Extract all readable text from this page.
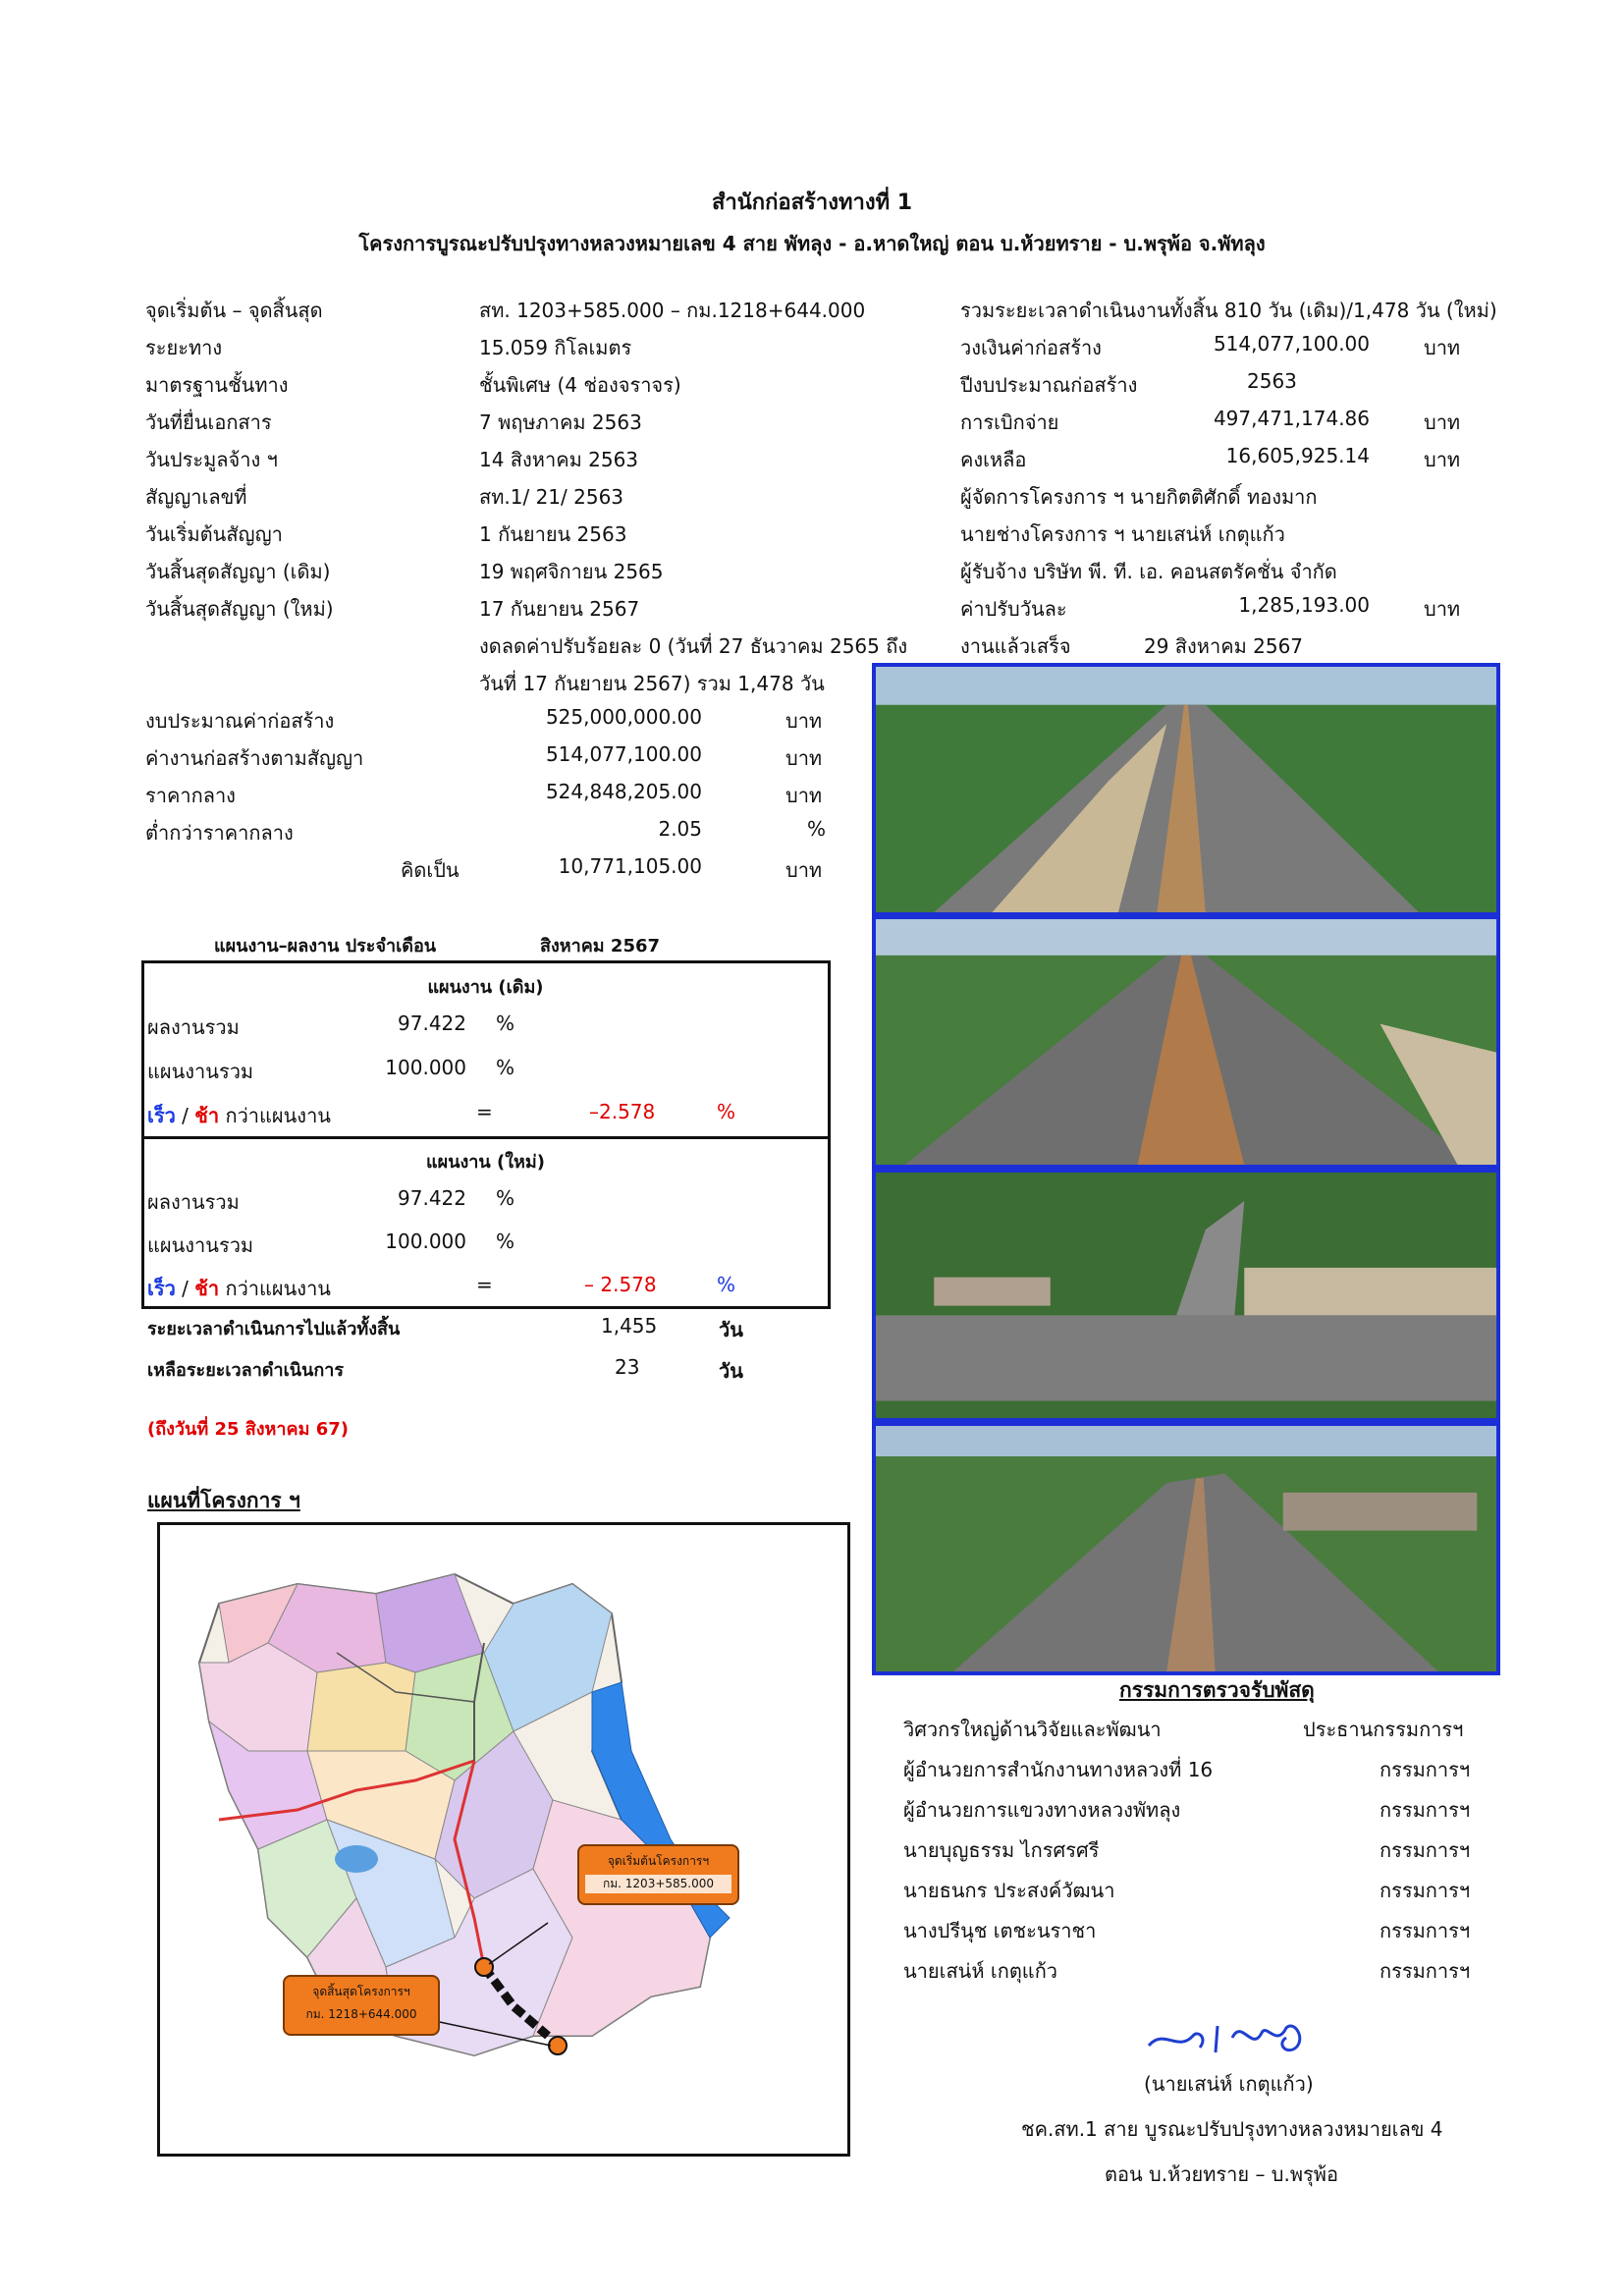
สำนักก่อสร้างทางที่ 1
โครงการบูรณะปรับปรุงทางหลวงหมายเลข 4 สาย พัทลุง - อ.หาดใหญ่ ตอน บ.ห้วยทราย - บ.พรุพ้อ จ.พัทลุง
จุดเริ่มต้น – จุดสิ้นสุด	สท. 1203+585.000 – กม.1218+644.000
ระยะทาง	15.059 กิโลเมตร
มาตรฐานชั้นทาง	ชั้นพิเศษ (4 ช่องจราจร)
วันที่ยื่นเอกสาร	7 พฤษภาคม 2563
วันประมูลจ้าง ฯ	14 สิงหาคม 2563
สัญญาเลขที่	สท.1/ 21/ 2563
วันเริ่มต้นสัญญา	1 กันยายน 2563
วันสิ้นสุดสัญญา (เดิม)	19 พฤศจิกายน 2565
วันสิ้นสุดสัญญา (ใหม่)	17 กันยายน 2567
งดลดค่าปรับร้อยละ 0 (วันที่ 27 ธันวาคม 2565 ถึง
วันที่ 17 กันยายน 2567) รวม 1,478 วัน
รวมระยะเวลาดำเนินงานทั้งสิ้น 810 วัน (เดิม)/1,478 วัน (ใหม่)
วงเงินค่าก่อสร้าง	514,077,100.00	บาท
ปีงบประมาณก่อสร้าง	2563
การเบิกจ่าย	497,471,174.86	บาท
คงเหลือ	16,605,925.14	บาท
ผู้จัดการโครงการ ฯ นายกิตติศักดิ์ ทองมาก
นายช่างโครงการ ฯ นายเสน่ห์ เกตุแก้ว
ผู้รับจ้าง บริษัท พี. ที. เอ. คอนสตรัคชั่น จำกัด
ค่าปรับวันละ	1,285,193.00	บาท
งานแล้วเสร็จ	29 สิงหาคม 2567
งบประมาณค่าก่อสร้าง	525,000,000.00	บาท
ค่างานก่อสร้างตามสัญญา	514,077,100.00	บาท
ราคากลาง	524,848,205.00	บาท
ต่ำกว่าราคากลาง	2.05	%
คิดเป็น	10,771,105.00	บาท
แผนงาน–ผลงาน ประจำเดือน	สิงหาคม 2567
แผนงาน (เดิม)
ผลงานรวม	97.422 %
แผนงานรวม	100.000 %
เร็ว / ช้า กว่าแผนงาน	=	–2.578	%
แผนงาน (ใหม่)
ผลงานรวม	97.422 %
แผนงานรวม	100.000 %
เร็ว / ช้า กว่าแผนงาน	=	– 2.578	%
ระยะเวลาดำเนินการไปแล้วทั้งสิ้น	1,455	วัน
เหลือระยะเวลาดำเนินการ	23	วัน
(ถึงวันที่ 25 สิงหาคม 67)
แผนที่โครงการ ฯ
จุดเริ่มต้นโครงการฯ
กม. 1203+585.000
จุดสิ้นสุดโครงการฯ
กม. 1218+644.000
กรรมการตรวจรับพัสดุ
วิศวกรใหญ่ด้านวิจัยและพัฒนา	ประธานกรรมการฯ
ผู้อำนวยการสำนักงานทางหลวงที่ 16	กรรมการฯ
ผู้อำนวยการแขวงทางหลวงพัทลุง	กรรมการฯ
นายบุญธรรม ไกรศรศรี	กรรมการฯ
นายธนกร ประสงค์วัฒนา	กรรมการฯ
นางปรีนุช เตชะนราชา	กรรมการฯ
นายเสน่ห์ เกตุแก้ว	กรรมการฯ
(นายเสน่ห์ เกตุแก้ว)
ชค.สท.1 สาย บูรณะปรับปรุงทางหลวงหมายเลข 4
ตอน บ.ห้วยทราย – บ.พรุพ้อ
